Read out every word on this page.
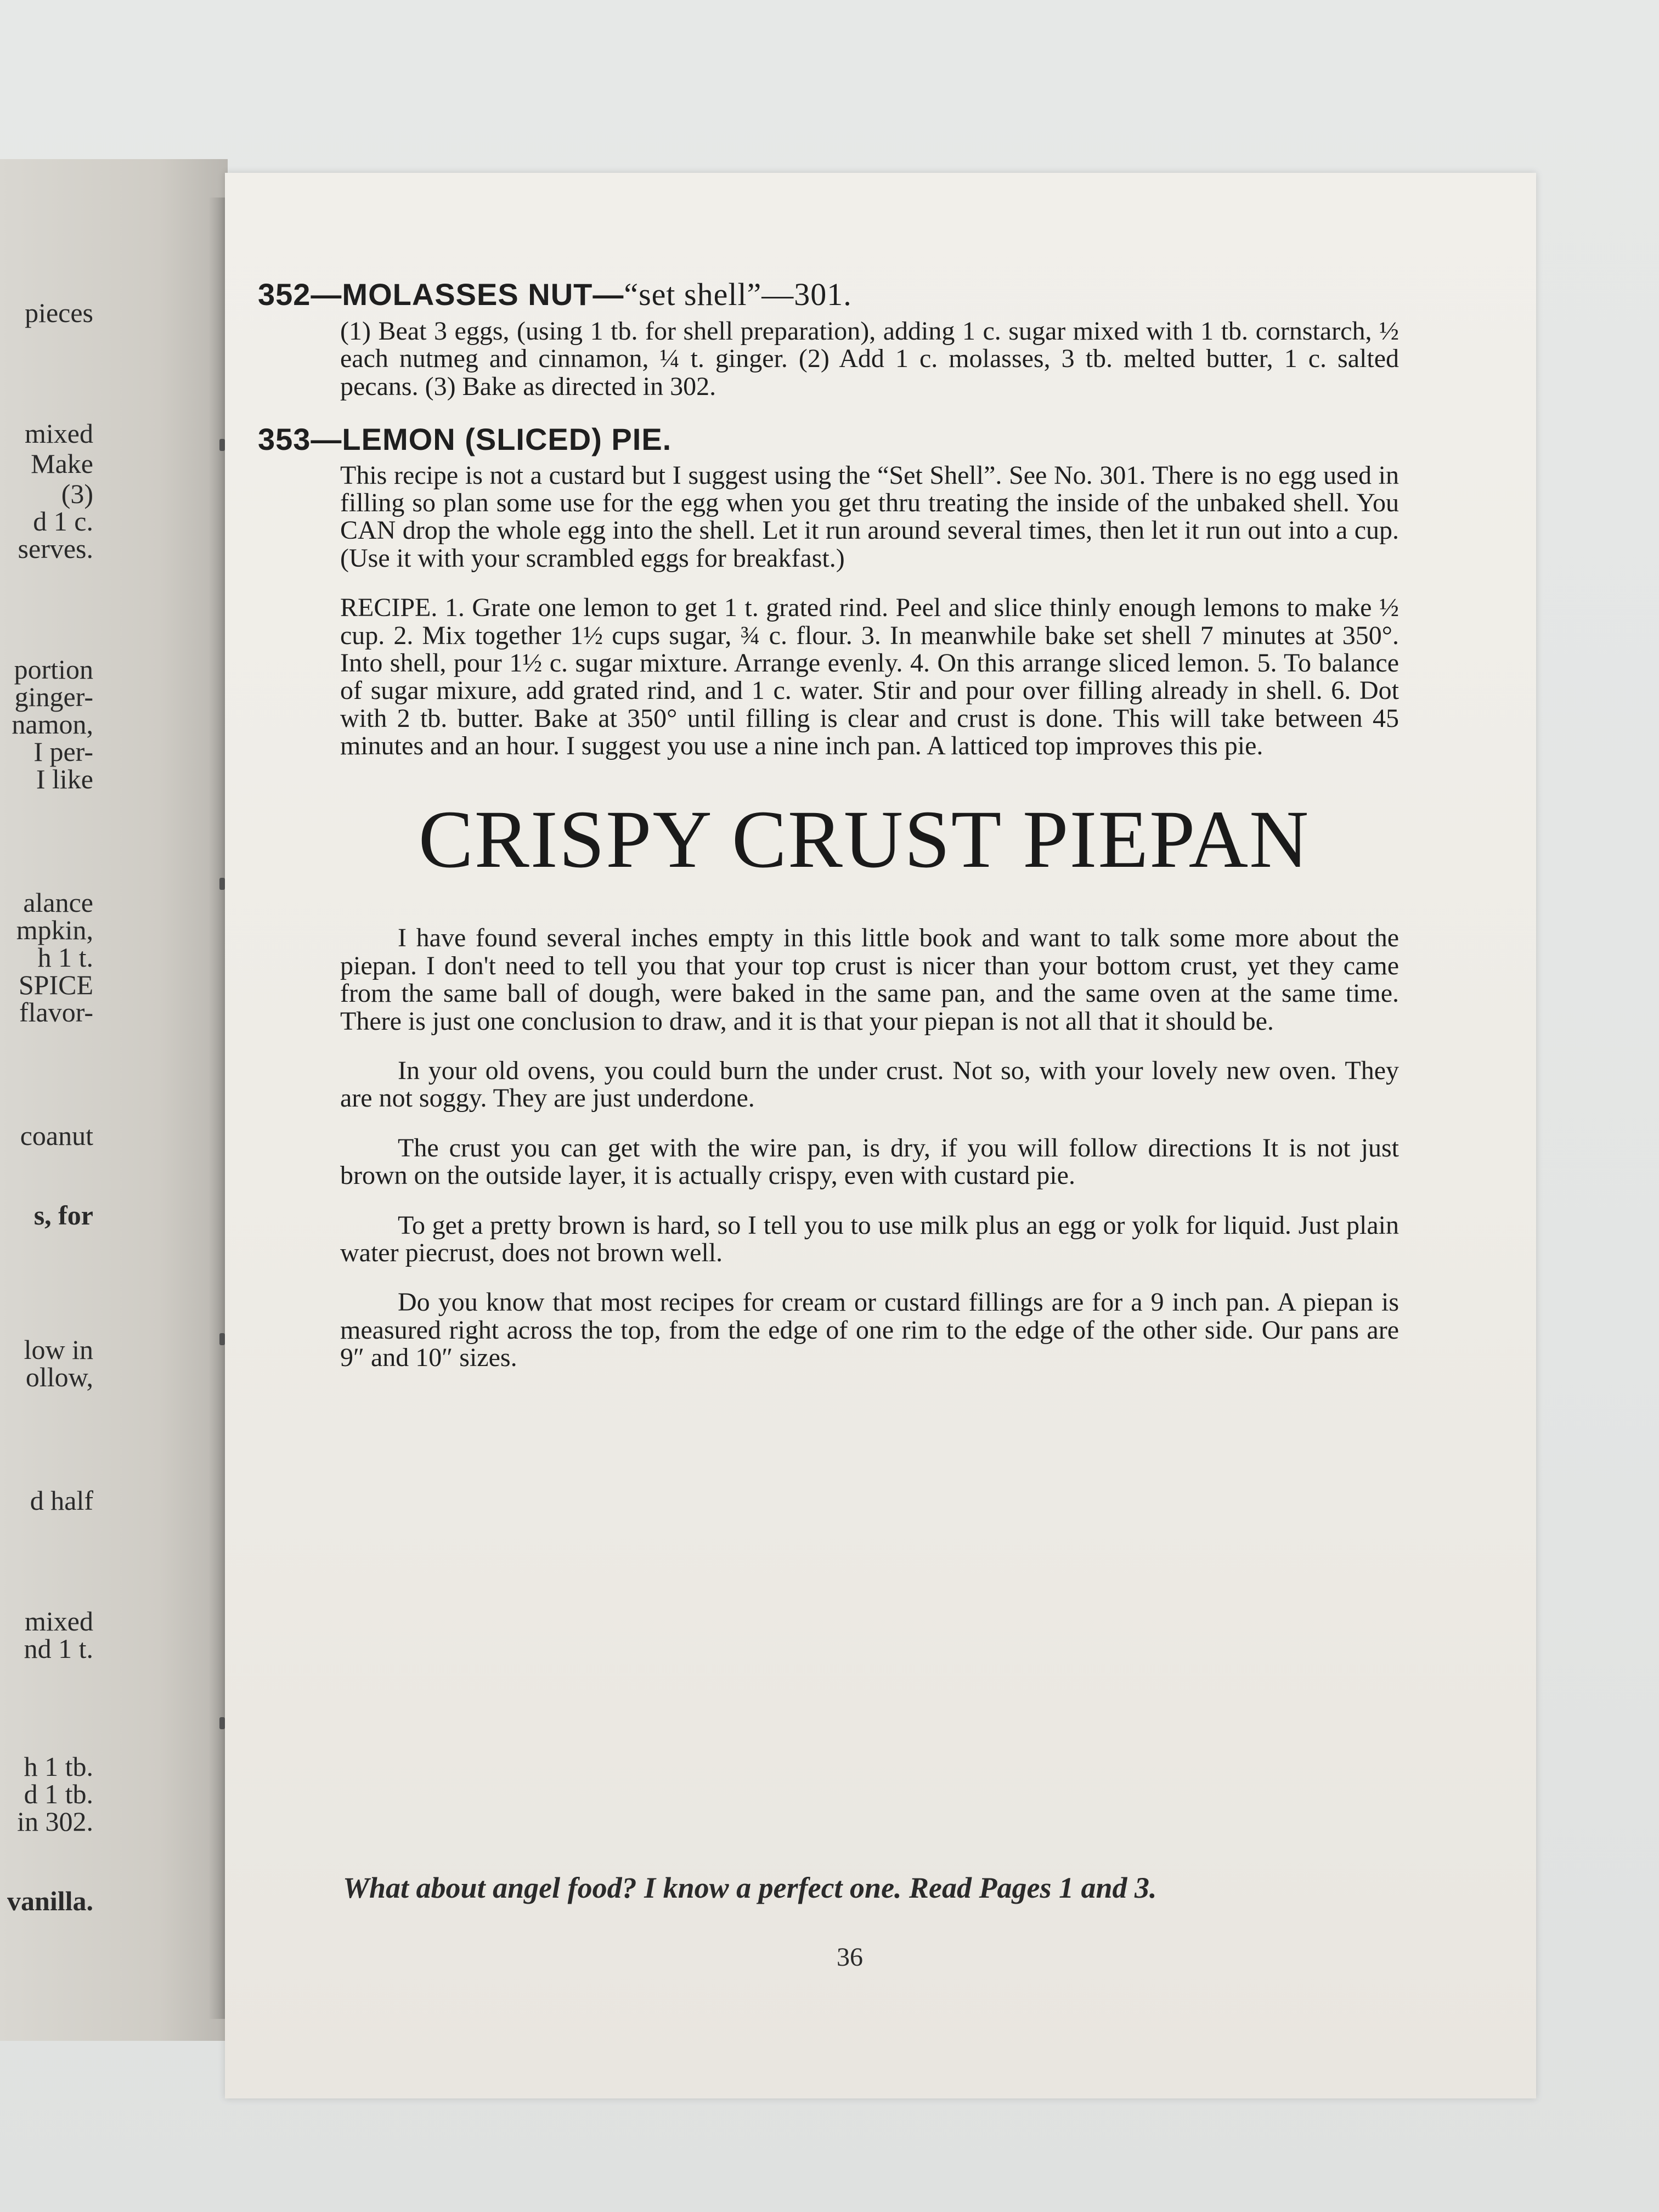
pieces
mixed
Make
(3)
d 1 c.
serves.
portion
ginger-
namon,
I per-
I like
alance
mpkin,
h 1 t.
SPICE
flavor-
coanut
s, for
low in
ollow,
d half
mixed
nd 1 t.
h 1 tb.
d 1 tb.
in 302.
vanilla.
352—MOLASSES NUT—“set shell”—301.

(1) Beat 3 eggs, (using 1 tb. for shell preparation), adding 1 c. sugar mixed with 1 tb. cornstarch, ½ each nutmeg and cinnamon, ¼ t. ginger. (2) Add 1 c. molasses, 3 tb. melted butter, 1 c. salted pecans. (3) Bake as directed in 302.

353—LEMON (SLICED) PIE.

This recipe is not a custard but I suggest using the “Set Shell”. See No. 301. There is no egg used in filling so plan some use for the egg when you get thru treating the inside of the unbaked shell. You CAN drop the whole egg into the shell. Let it run around several times, then let it run out into a cup. (Use it with your scrambled eggs for breakfast.)

RECIPE. 1. Grate one lemon to get 1 t. grated rind. Peel and slice thinly enough lemons to make ½ cup. 2. Mix together 1½ cups sugar, ¾ c. flour. 3. In meanwhile bake set shell 7 minutes at 350°. Into shell, pour 1½ c. sugar mixture. Arrange evenly. 4. On this arrange sliced lemon. 5. To balance of sugar mixure, add grated rind, and 1 c. water. Stir and pour over filling already in shell. 6. Dot with 2 tb. butter. Bake at 350° until filling is clear and crust is done. This will take between 45 minutes and an hour. I suggest you use a nine inch pan. A latticed top improves this pie.

CRISPY CRUST PIEPAN

I have found several inches empty in this little book and want to talk some more about the piepan. I don't need to tell you that your top crust is nicer than your bottom crust, yet they came from the same ball of dough, were baked in the same pan, and the same oven at the same time. There is just one conclusion to draw, and it is that your piepan is not all that it should be.

In your old ovens, you could burn the under crust. Not so, with your lovely new oven. They are not soggy. They are just underdone.

The crust you can get with the wire pan, is dry, if you will follow directions It is not just brown on the outside layer, it is actually crispy, even with custard pie.

To get a pretty brown is hard, so I tell you to use milk plus an egg or yolk for liquid. Just plain water piecrust, does not brown well.

Do you know that most recipes for cream or custard fillings are for a 9 inch pan. A piepan is measured right across the top, from the edge of one rim to the edge of the other side. Our pans are 9″ and 10″ sizes.

What about angel food? I know a perfect one. Read Pages 1 and 3.
36
